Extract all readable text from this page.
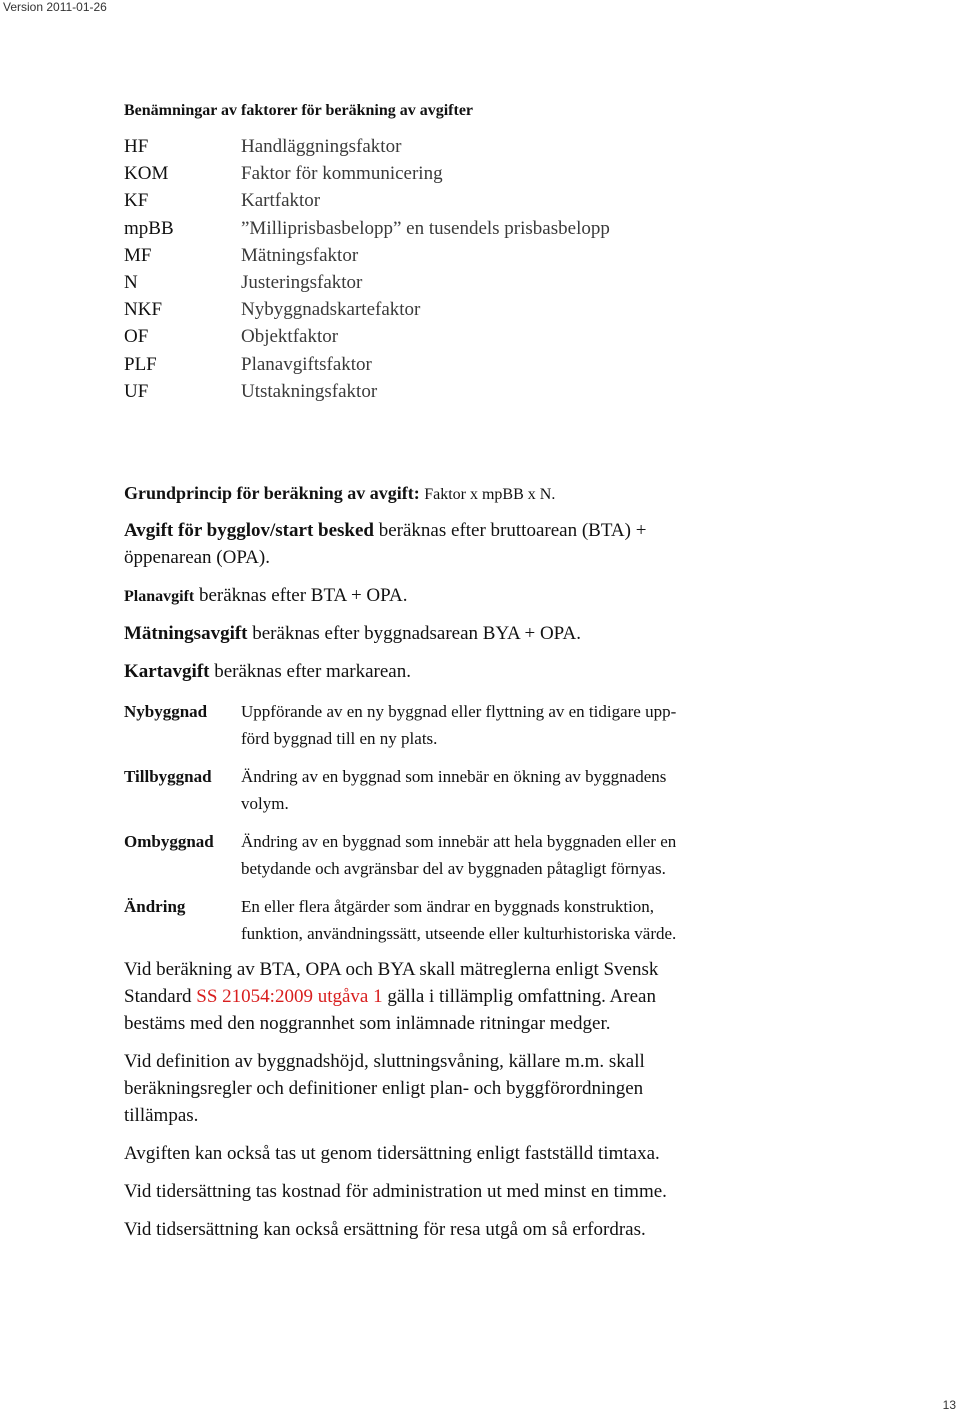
Version 2011-01-26
Benämningar av faktorer för beräkning av avgifter
HF	Handläggningsfaktor
KOM	Faktor för kommunicering
KF	Kartfaktor
mpBB	”Milliprisbasbelopp” en tusendels prisbasbelopp
MF	Mätningsfaktor
N	Justeringsfaktor
NKF	Nybyggnadskartefaktor
OF	Objektfaktor
PLF	Planavgiftsfaktor
UF	Utstakningsfaktor
Grundprincip för beräkning av avgift: Faktor x mpBB x N.
Avgift för bygglov/start besked beräknas efter bruttoarean (BTA) +
öppenarean (OPA).
Planavgift beräknas efter BTA + OPA.
Mätningsavgift beräknas efter byggnadsarean BYA + OPA.
Kartavgift beräknas efter markarean.
Nybyggnad	Uppförande av en ny byggnad eller flyttning av en tidigare upp-
förd byggnad till en ny plats.
Tillbyggnad	Ändring av en byggnad som innebär en ökning av byggnadens
volym.
Ombyggnad	Ändring av en byggnad som innebär att hela byggnaden eller en
betydande och avgränsbar del av byggnaden påtagligt förnyas.
Ändring	En eller flera åtgärder som ändrar en byggnads konstruktion,
funktion, användningssätt, utseende eller kulturhistoriska värde.
Vid beräkning av BTA, OPA och BYA skall mätreglerna enligt Svensk
Standard SS 21054:2009 utgåva 1 gälla i tillämplig omfattning. Arean
bestäms med den noggrannhet som inlämnade ritningar medger.
Vid definition av byggnadshöjd, sluttningsvåning, källare m.m. skall
beräkningsregler och definitioner enligt plan- och byggförordningen
tillämpas.
Avgiften kan också tas ut genom tidersättning enligt fastställd timtaxa.
Vid tidersättning tas kostnad för administration ut med minst en timme.
Vid tidsersättning kan också ersättning för resa utgå om så erfordras.
13
